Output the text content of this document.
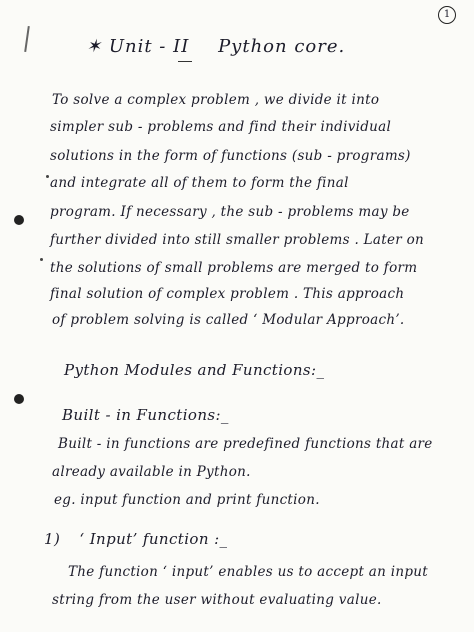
1
✶ Unit - II Python core.
To solve a complex problem , we divide it into
simpler sub - problems and find their individual
solutions in the form of functions (sub - programs)
and integrate all of them to form the final
program. If necessary , the sub - problems may be
further divided into still smaller problems . Later on
the solutions of small problems are merged to form
final solution of complex problem . This approach
of problem solving is called ‘ Modular Approach’.
Python Modules and Functions:_
Built - in Functions:_
Built - in functions are predefined functions that are
already available in Python.
eg. input function and print function.
1) ‘ Input’ function :_
The function ‘ input’ enables us to accept an input
string from the user without evaluating value.
